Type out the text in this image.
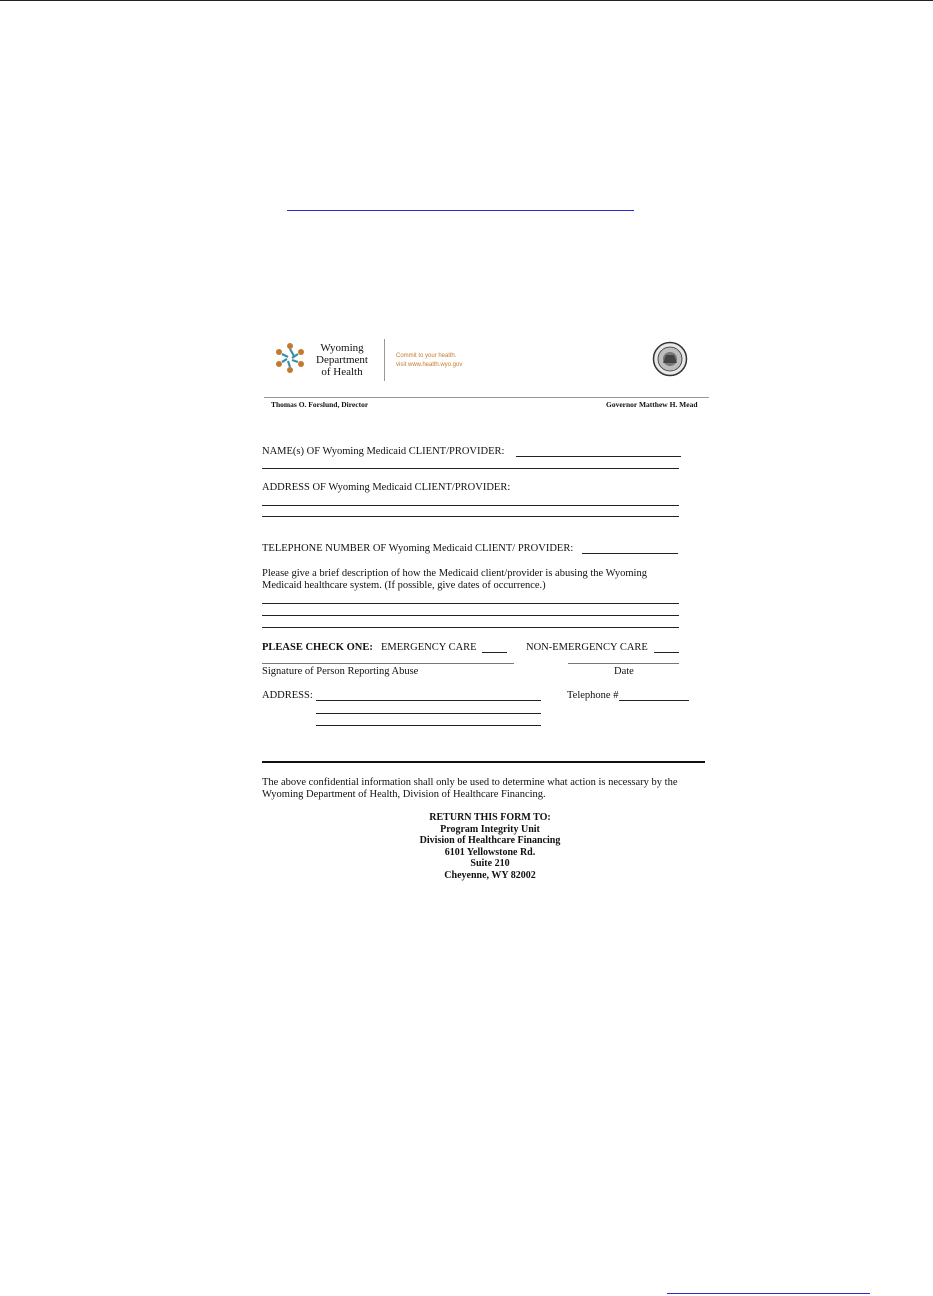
Wyoming
Department
of Health
Commit to your health.
visit www.health.wyo.gov
Thomas O. Forslund, Director	Governor Matthew H. Mead
NAME(s) OF Wyoming Medicaid CLIENT/PROVIDER:
ADDRESS OF Wyoming Medicaid CLIENT/PROVIDER:
TELEPHONE NUMBER OF Wyoming Medicaid CLIENT/ PROVIDER:
Please give a brief description of how the Medicaid client/provider is abusing the Wyoming
Medicaid healthcare system. (If possible, give dates of occurrence.)
PLEASE CHECK ONE: EMERGENCY CARE	NON-EMERGENCY CARE
Signature of Person Reporting Abuse	Date
ADDRESS:	Telephone #
The above confidential information shall only be used to determine what action is necessary by the
Wyoming Department of Health, Division of Healthcare Financing.
RETURN THIS FORM TO:
Program Integrity Unit
Division of Healthcare Financing
6101 Yellowstone Rd.
Suite 210
Cheyenne, WY 82002
